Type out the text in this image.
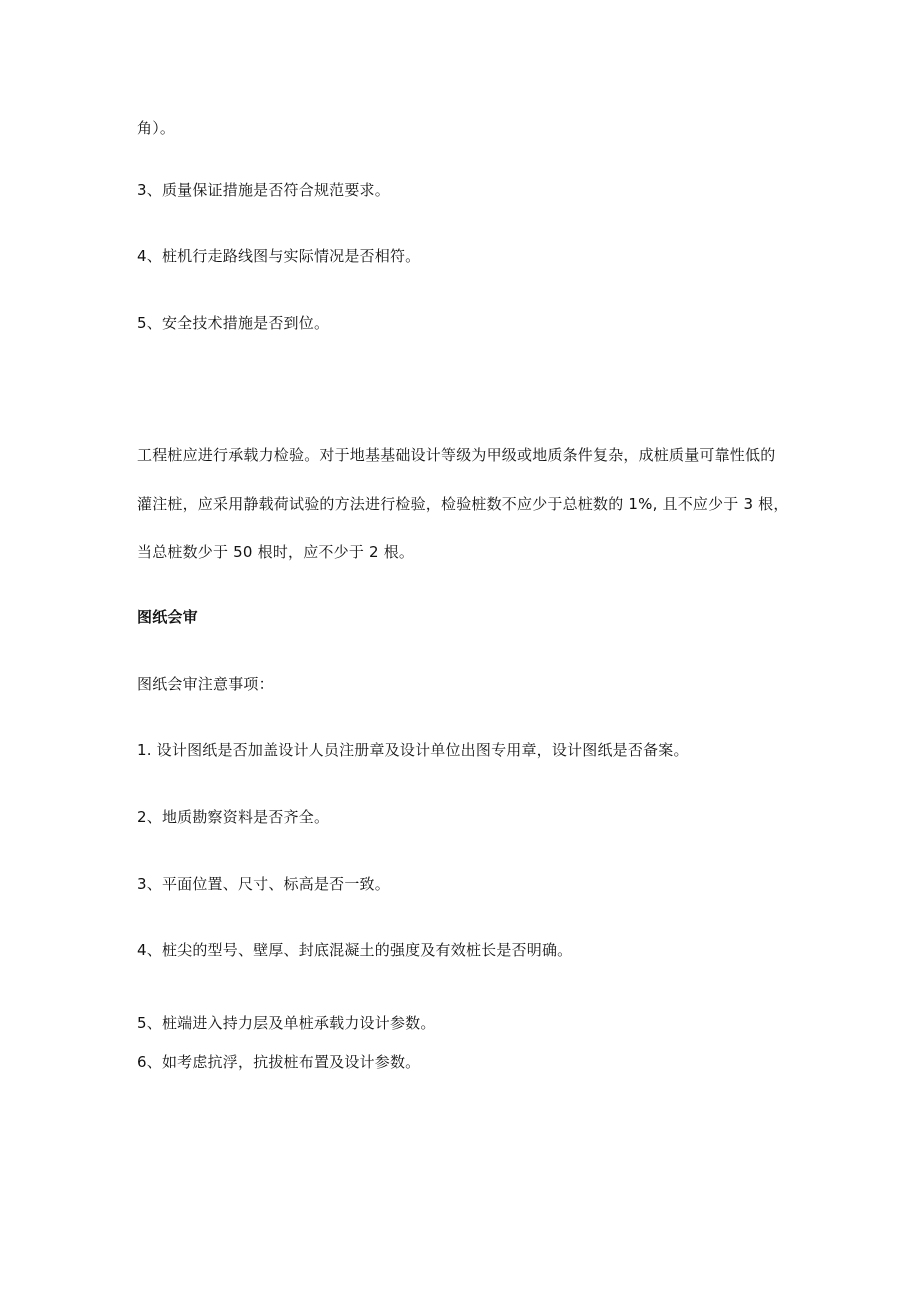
角）。

3、质量保证措施是否符合规范要求。

4、桩机行走路线图与实际情况是否相符。

5、安全技术措施是否到位。

工程桩应进行承载力检验。对于地基基础设计等级为甲级或地质条件复杂，成桩质量可靠性低的

灌注桩，应采用静载荷试验的方法进行检验，检验桩数不应少于总桩数的 1%, 且不应少于 3 根，

当总桩数少于 50 根时，应不少于 2 根。

图纸会审

图纸会审注意事项：

1. 设计图纸是否加盖设计人员注册章及设计单位出图专用章，设计图纸是否备案。

2、地质勘察资料是否齐全。

3、平面位置、尺寸、标高是否一致。

4、桩尖的型号、壁厚、封底混凝土的强度及有效桩长是否明确。

5、桩端进入持力层及单桩承载力设计参数。

6、如考虑抗浮，抗拔桩布置及设计参数。
